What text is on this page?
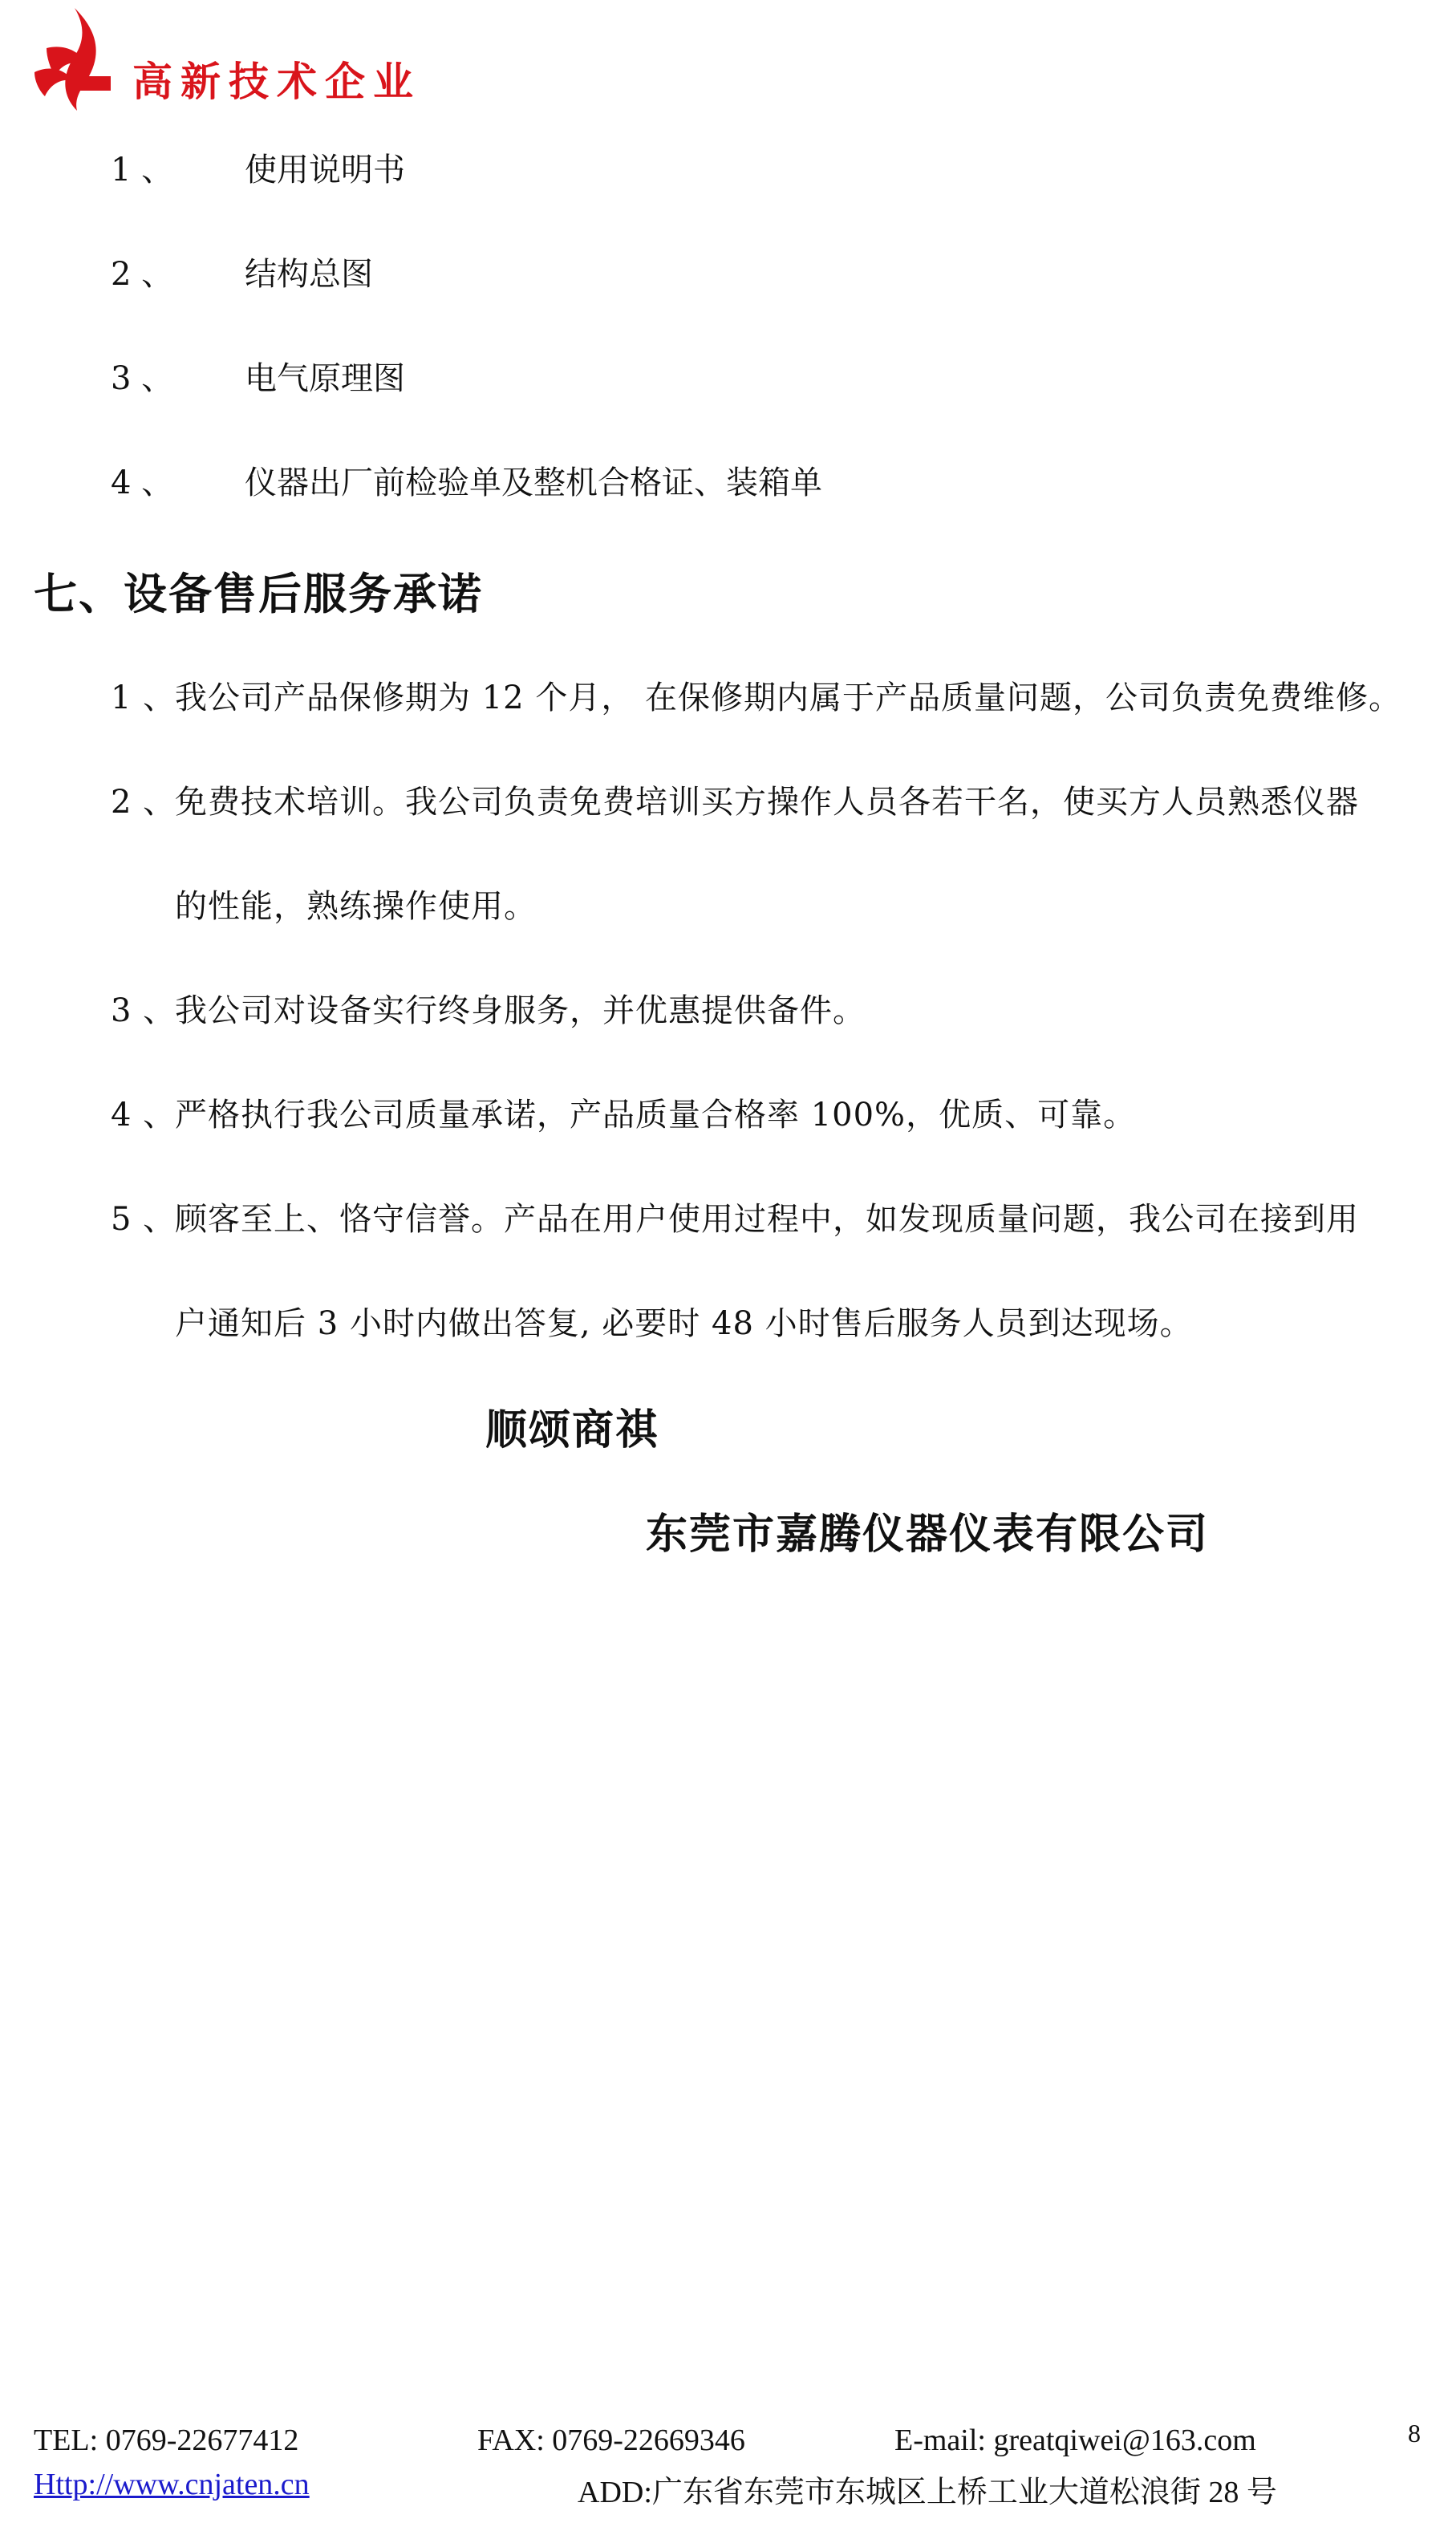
高新技术企业
1 、 使用说明书
2 、 结构总图
3 、 电气原理图
4 、 仪器出厂前检验单及整机合格证、装箱单
七、设备售后服务承诺
1 、
我公司产品保修期为 12 个月， 在保修期内属于产品质量问题，公司负责免费维修。
2 、
免费技术培训。我公司负责免费培训买方操作人员各若干名，使买方人员熟悉仪器
的性能，熟练操作使用。
3 、
我公司对设备实行终身服务，并优惠提供备件。
4 、
严格执行我公司质量承诺，产品质量合格率 100%，优质、可靠。
5 、
顾客至上、恪守信誉。产品在用户使用过程中，如发现质量问题，我公司在接到用
户通知后 3 小时内做出答复, 必要时 48 小时售后服务人员到达现场。
顺颂商祺
东莞市嘉腾仪器仪表有限公司
TEL: 0769-22677412	FAX: 0769-22669346	E-mail: greatqiwei@163.com	8
Http://www.cnjaten.cn	ADD:广东省东莞市东城区上桥工业大道松浪街 28 号
